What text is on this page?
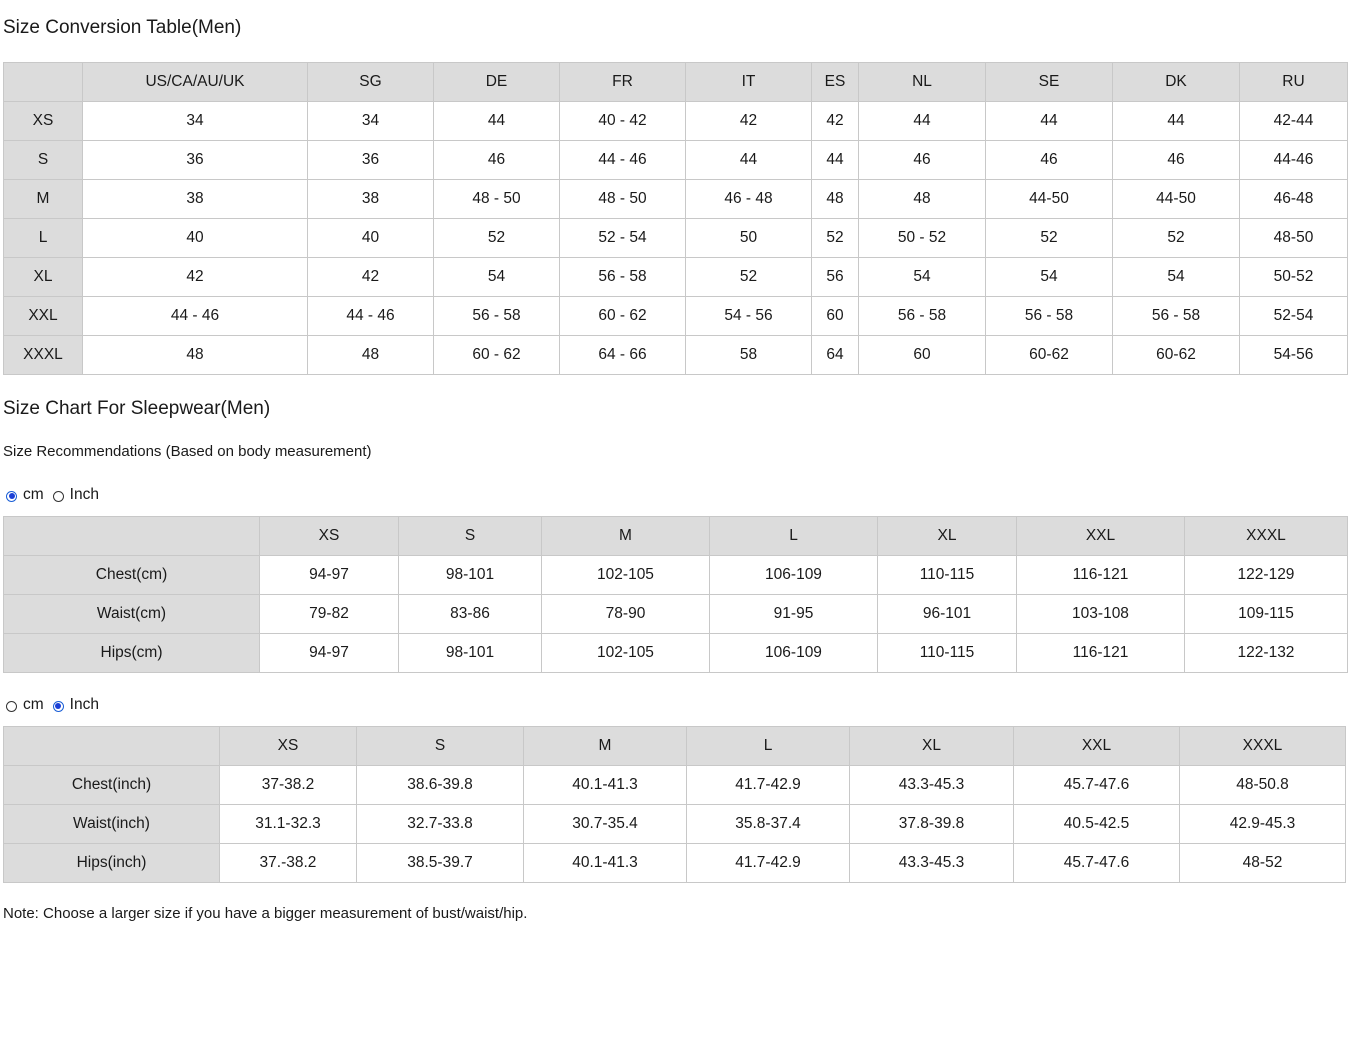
Size Conversion Table(Men)
	US/CA/AU/UK	SG	DE	FR	IT	ES	NL	SE	DK	RU
XS	34	34	44	40 - 42	42	42	44	44	44	42-44
S	36	36	46	44 - 46	44	44	46	46	46	44-46
M	38	38	48 - 50	48 - 50	46 - 48	48	48	44-50	44-50	46-48
L	40	40	52	52 - 54	50	52	50 - 52	52	52	48-50
XL	42	42	54	56 - 58	52	56	54	54	54	50-52
XXL	44 - 46	44 - 46	56 - 58	60 - 62	54 - 56	60	56 - 58	56 - 58	56 - 58	52-54
XXXL	48	48	60 - 62	64 - 66	58	64	60	60-62	60-62	54-56
Size Chart For Sleepwear(Men)

Size Recommendations (Based on body measurement)

cm Inch
	XS	S	M	L	XL	XXL	XXXL
Chest(cm)	94-97	98-101	102-105	106-109	110-115	116-121	122-129
Waist(cm)	79-82	83-86	78-90	91-95	96-101	103-108	109-115
Hips(cm)	94-97	98-101	102-105	106-109	110-115	116-121	122-132
cm Inch
	XS	S	M	L	XL	XXL	XXXL
Chest(inch)	37-38.2	38.6-39.8	40.1-41.3	41.7-42.9	43.3-45.3	45.7-47.6	48-50.8
Waist(inch)	31.1-32.3	32.7-33.8	30.7-35.4	35.8-37.4	37.8-39.8	40.5-42.5	42.9-45.3
Hips(inch)	37.-38.2	38.5-39.7	40.1-41.3	41.7-42.9	43.3-45.3	45.7-47.6	48-52

Note: Choose a larger size if you have a bigger measurement of bust/waist/hip.
